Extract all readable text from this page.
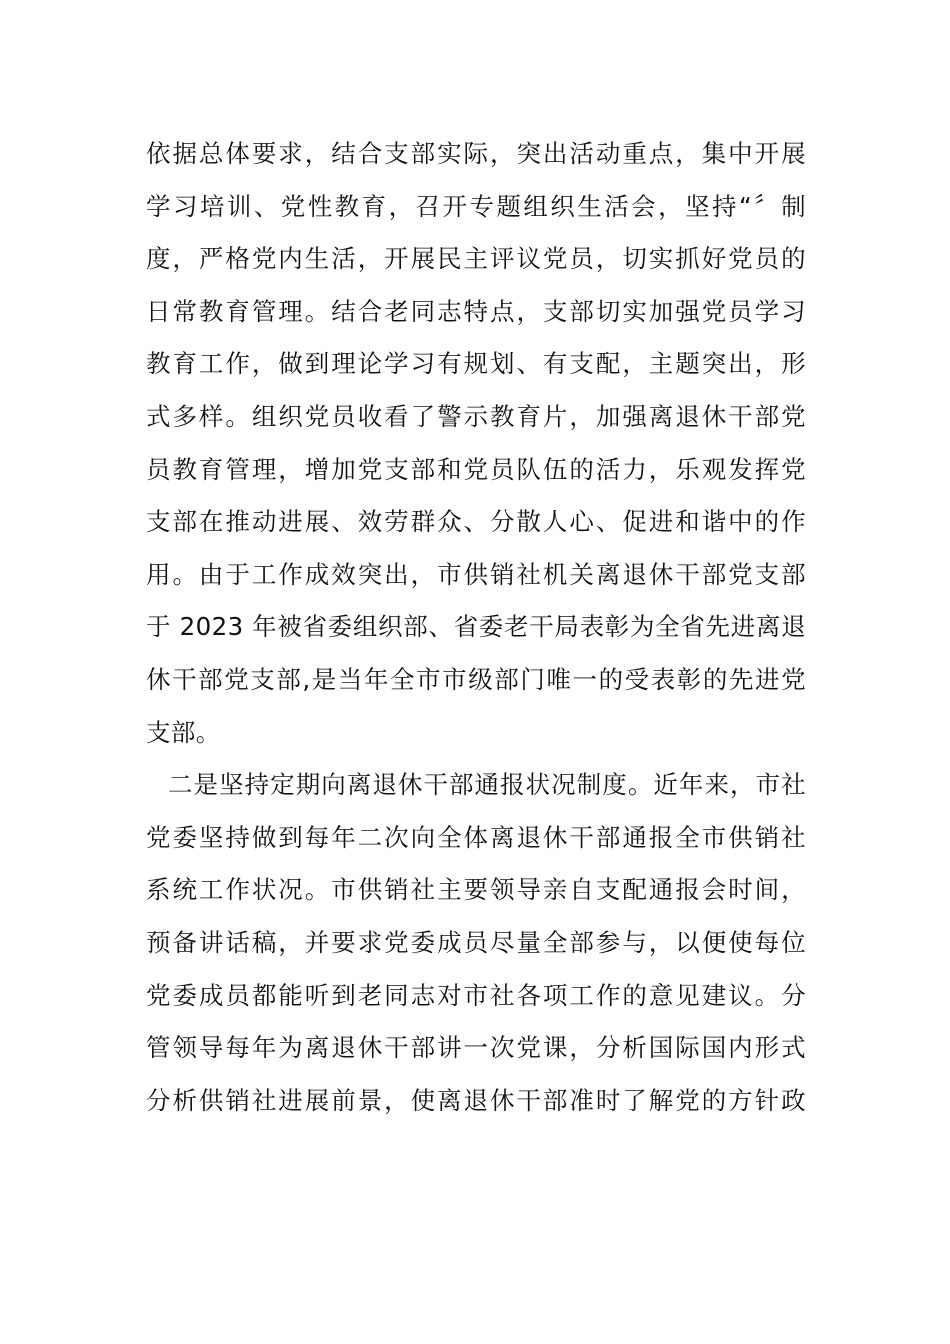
依据总体要求，结合支部实际，突出活动重点，集中开展
学习培训、党性教育，召开专题组织生活会，坚持“〞制
度，严格党内生活，开展民主评议党员，切实抓好党员的
日常教育管理。结合老同志特点，支部切实加强党员学习
教育工作，做到理论学习有规划、有支配，主题突出，形
式多样。组织党员收看了警示教育片，加强离退休干部党
员教育管理，增加党支部和党员队伍的活力，乐观发挥党
支部在推动进展、效劳群众、分散人心、促进和谐中的作
用。由于工作成效突出，市供销社机关离退休干部党支部
于 2023 年被省委组织部、省委老干局表彰为全省先进离退
休干部党支部,是当年全市市级部门唯一的受表彰的先进党
支部。
二是坚持定期向离退休干部通报状况制度。近年来，市社
党委坚持做到每年二次向全体离退休干部通报全市供销社
系统工作状况。市供销社主要领导亲自支配通报会时间，
预备讲话稿，并要求党委成员尽量全部参与，以便使每位
党委成员都能听到老同志对市社各项工作的意见建议。分
管领导每年为离退休干部讲一次党课，分析国际国内形式
分析供销社进展前景，使离退休干部准时了解党的方针政
